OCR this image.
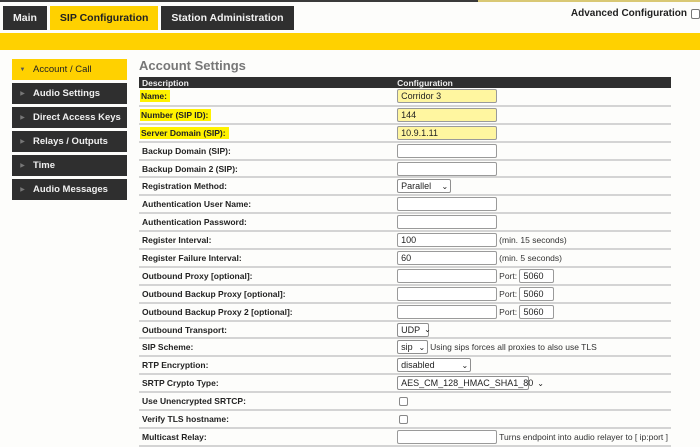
Main	SIP Configuration	Station Administration	Advanced Configuration
▼ Account / Call
▶ Audio Settings
▶ Direct Access Keys
▶ Relays / Outputs
▶ Time
▶ Audio Messages
Account Settings
Description	Configuration
Name:	Corridor 3
Number (SIP ID):	144
Server Domain (SIP):	10.9.1.11
Backup Domain (SIP):	
Backup Domain 2 (SIP):	
Registration Method:	Parallel ⌄

Authentication User Name:	
Authentication Password:	
Register Interval:	100 (min. 15 seconds)
Register Failure Interval:	60 (min. 5 seconds)
Outbound Proxy [optional]:	Port: 5060
Outbound Backup Proxy [optional]:	Port: 5060
Outbound Backup Proxy 2 [optional]:	Port: 5060
Outbound Transport:	UDP ⌄

SIP Scheme:	sip ⌄ Using sips forces all proxies to also use TLS
RTP Encryption:	disabled ⌄

SRTP Crypto Type:	AES_CM_128_HMAC_SHA1_80 ⌄

Use Unencrypted SRTCP:	
Verify TLS hostname:	
Multicast Relay:	Turns endpoint into audio relayer to [ ip:port ]
